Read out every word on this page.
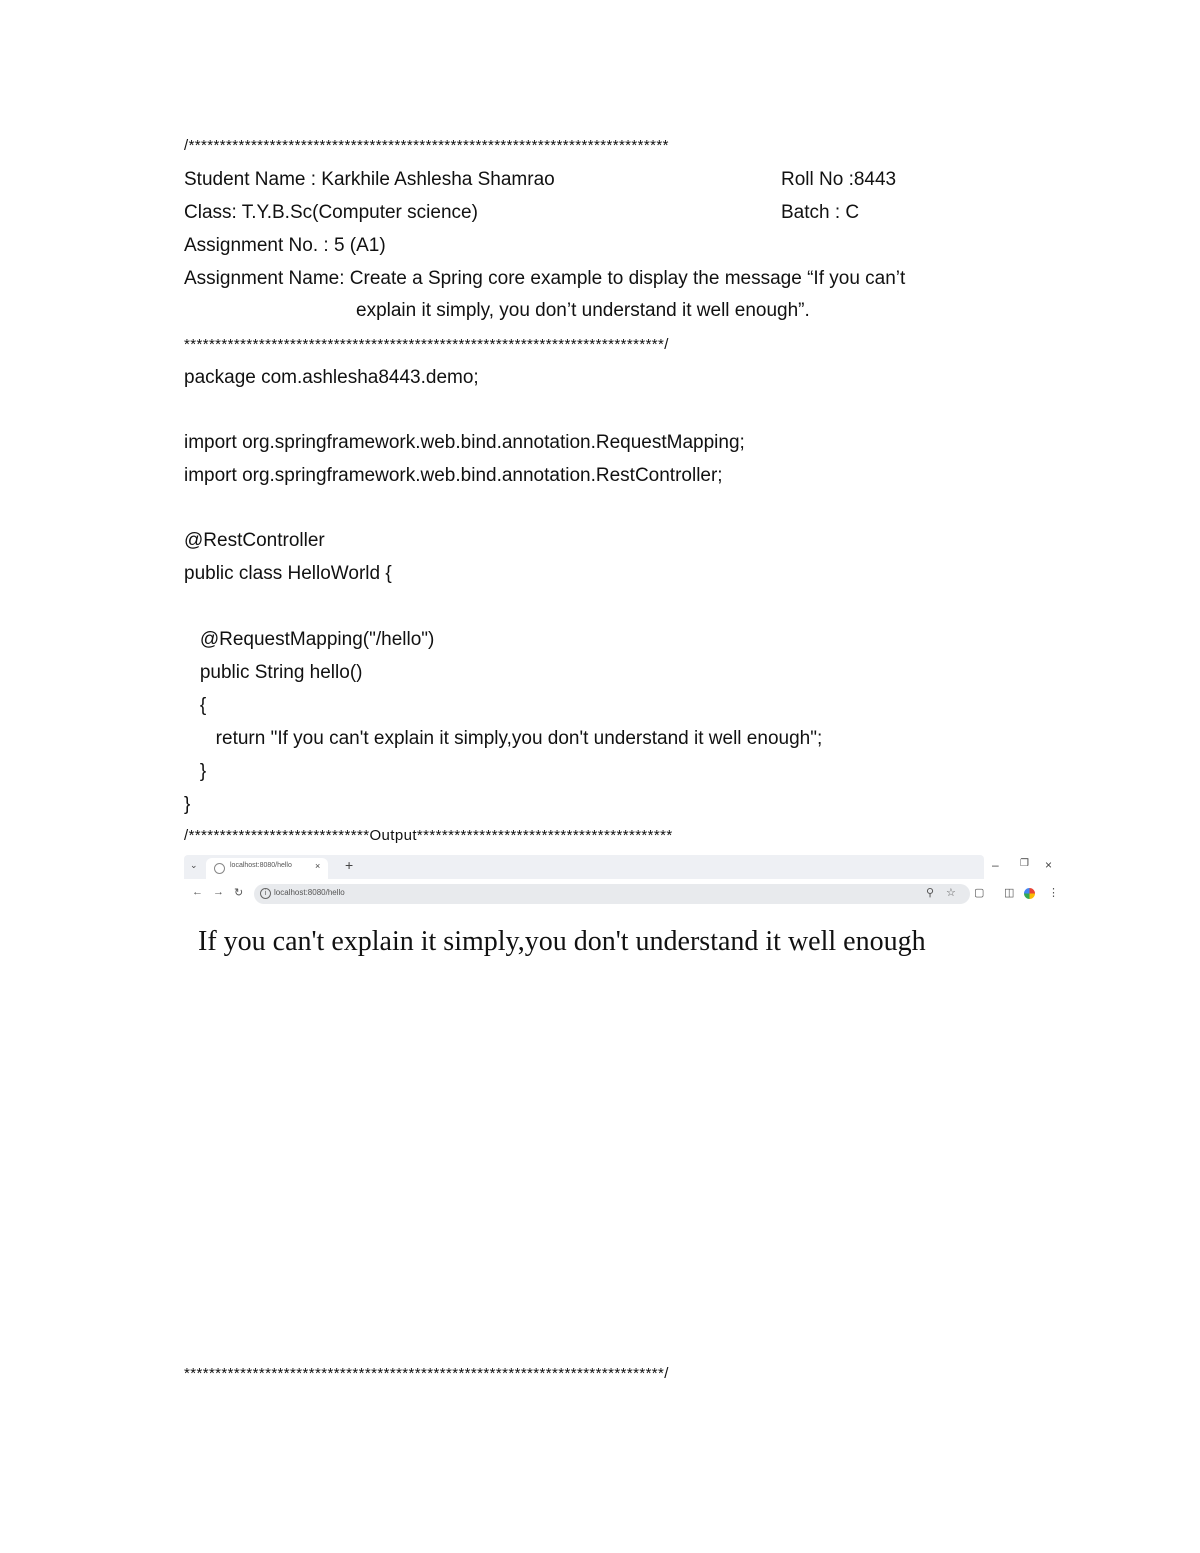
/*****************************************************************************
Student Name : Karkhile Ashlesha Shamrao	Roll No :8443
Class: T.Y.B.Sc(Computer science)	Batch : C
Assignment No. : 5 (A1)
Assignment Name: Create a Spring core example to display the message “If you can’t
explain it simply, you don’t understand it well enough”.
*****************************************************************************/
package com.ashlesha8443.demo;
import org.springframework.web.bind.annotation.RequestMapping;
import org.springframework.web.bind.annotation.RestController;
@RestController
public class HelloWorld {
@RequestMapping("/hello")
public String hello()
{
return "If you can't explain it simply,you don't understand it well enough";
}
}
/*****************************Output*****************************************
⌄	localhost:8080/hello	× +	– ❐ ×
← → ↻	i localhost:8080/hello	⚲ ☆ ▢ ◫	⋮
If you can't explain it simply,you don't understand it well enough
*****************************************************************************/
